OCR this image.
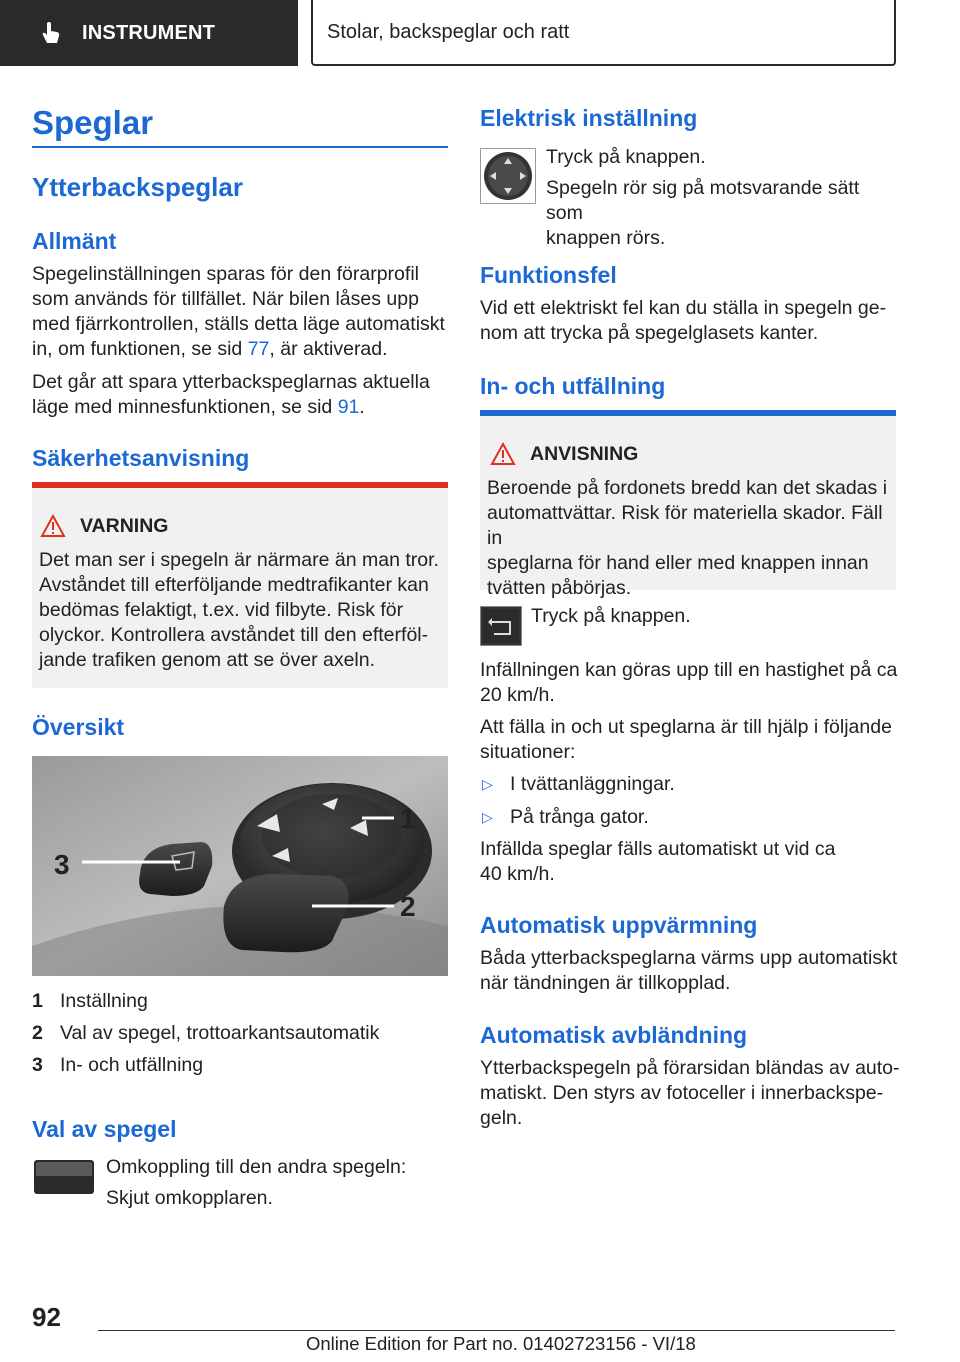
INSTRUMENT	Stolar, backspeglar och ratt
Speglar
Ytterbackspeglar
Allmänt
Spegelinställningen sparas för den förarprofil
som används för tillfället. När bilen låses upp
med fjärrkontrollen, ställs detta läge automatiskt
in, om funktionen, se sid 77, är aktiverad.
Det går att spara ytterbackspeglarnas aktuella
läge med minnesfunktionen, se sid 91.
Säkerhetsanvisning
VARNING
Det man ser i spegeln är närmare än man tror.
Avståndet till efterföljande medtrafikanter kan
bedömas felaktigt, t.ex. vid filbyte. Risk för
olyckor. Kontrollera avståndet till den efterföl-
jande trafiken genom att se över axeln.
Översikt
3
1
2
1 Inställning
2 Val av spegel, trottoarkantsautomatik
3 In- och utfällning
Val av spegel
Omkoppling till den andra spegeln:
Skjut omkopplaren.
Elektrisk inställning
Tryck på knappen.
Spegeln rör sig på motsvarande sätt som
knappen rörs.
Funktionsfel
Vid ett elektriskt fel kan du ställa in spegeln ge-
nom att trycka på spegelglasets kanter.
In- och utfällning
ANVISNING
Beroende på fordonets bredd kan det skadas i
automattvättar. Risk för materiella skador. Fäll in
speglarna för hand eller med knappen innan
tvätten påbörjas.
Tryck på knappen.
Infällningen kan göras upp till en hastighet på ca
20 km/h.
Att fälla in och ut speglarna är till hjälp i följande
situationer:
▷ I tvättanläggningar.
▷ På trånga gator.
Infällda speglar fälls automatiskt ut vid ca
40 km/h.
Automatisk uppvärmning
Båda ytterbackspeglarna värms upp automatiskt
när tändningen är tillkopplad.
Automatisk avbländning
Ytterbackspegeln på förarsidan bländas av auto-
matiskt. Den styrs av fotoceller i innerbackspe-
geln.
92
Online Edition for Part no. 01402723156 - VI/18
